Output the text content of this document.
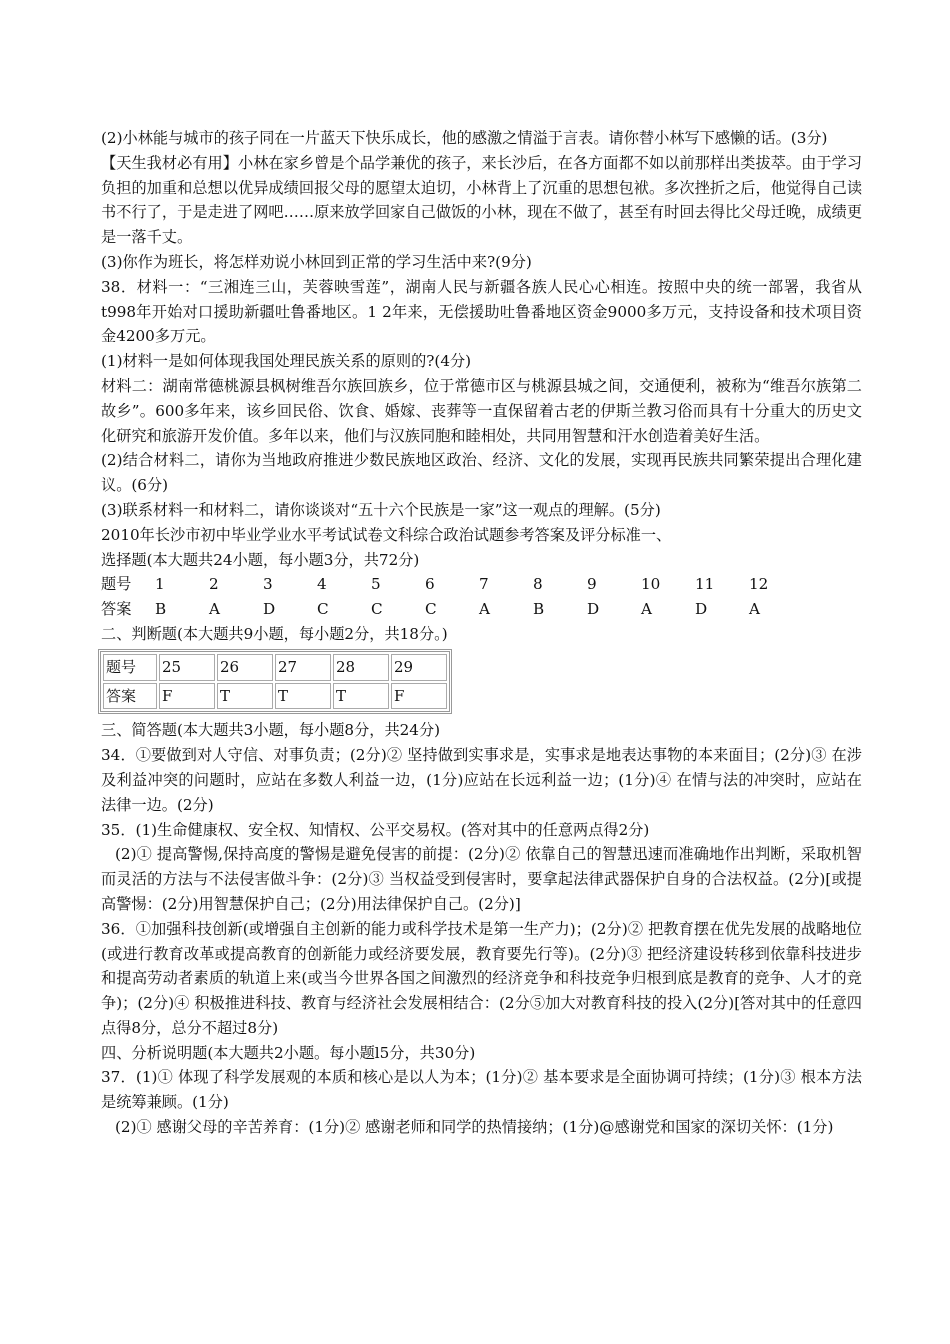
(2)小林能与城市的孩子同在一片蓝天下快乐成长，他的感激之情溢于言表。请你替小林写下感懒的话。(3分)

【天生我材必有用】小林在家乡曾是个品学兼优的孩子，来长沙后，在各方面都不如以前那样出类拔萃。由于学习负担的加重和总想以优异成绩回报父母的愿望太迫切，小林背上了沉重的思想包袱。多次挫折之后，他觉得自己读书不行了，于是走进了网吧……原来放学回家自己做饭的小林，现在不做了，甚至有时回去得比父母迁晚，成绩更是一落千丈。

(3)你作为班长，将怎样劝说小林回到正常的学习生活中来?(9分)

38．材料一：“三湘连三山，芙蓉映雪莲”，湖南人民与新疆各族人民心心相连。按照中央的统一部署，我省从t998年开始对口援助新疆吐鲁番地区。1 2年来，无偿援助吐鲁番地区资金9000多万元，支持设备和技术项目资金4200多万元。

(1)材料一是如何体现我国处理民族关系的原则的?(4分)

材料二：湖南常德桃源县枫树维吾尔族回族乡，位于常德市区与桃源县城之间，交通便利，被称为“维吾尔族第二故乡”。600多年来，该乡回民俗、饮食、婚嫁、丧葬等一直保留着古老的伊斯兰教习俗而具有十分重大的历史文化研究和旅游开发价值。多年以来，他们与汉族同胞和睦相处，共同用智慧和汗水创造着美好生活。

(2)结合材料二，请你为当地政府推进少数民族地区政治、经济、文化的发展，实现再民族共同繁荣提出合理化建议。(6分)

(3)联系材料一和材料二，请你谈谈对“五十六个民族是一家”这一观点的理解。(5分)

2010年长沙市初中毕业学业水平考试试卷文科综合政治试题参考答案及评分标准一、

选择题(本大题共24小题，每小题3分，共72分)

题号	1	2	3	4	5	6	7	8	9	10	11	12
答案	B	A	D	C	C	C	A	B	D	A	D	A

二、判断题(本大题共9小题，每小题2分，共18分。)

题号	25	26	27	28	29
答案	F	T	T	T	F

三、简答题(本大题共3小题，每小题8分，共24分)

34．①要做到对人守信、对事负责；(2分)② 坚持做到实事求是，实事求是地表达事物的本来面目；(2分)③ 在涉及利益冲突的问题时，应站在多数人利益一边，(1分)应站在长远利益一边；(1分)④ 在情与法的冲突时，应站在法律一边。(2分)

35．(1)生命健康权、安全权、知情权、公平交易权。(答对其中的任意两点得2分)

(2)① 提高警惕,保持高度的警惕是避免侵害的前提：(2分)② 依靠自己的智慧迅速而准确地作出判断，采取机智而灵活的方法与不法侵害做斗争：(2分)③ 当权益受到侵害时，要拿起法律武器保护自身的合法权益。(2分)[或提高警惕：(2分)用智慧保护自己；(2分)用法律保护自己。(2分)]

36．①加强科技创新(或增强自主创新的能力或科学技术是第一生产力)；(2分)② 把教育摆在优先发展的战略地位(或进行教育改革或提高教育的创新能力或经济要发展，教育要先行等)。(2分)③ 把经济建设转移到依靠科技进步和提高劳动者素质的轨道上来(或当今世界各国之间激烈的经济竞争和科技竞争归根到底是教育的竞争、人才的竞争)；(2分)④ 积极推进科技、教育与经济社会发展相结合：(2分⑤加大对教育科技的投入(2分)[答对其中的任意四点得8分，总分不超过8分)

四、分析说明题(本大题共2小题。每小题l5分，共30分)

37．(1)① 体现了科学发展观的本质和核心是以人为本；(1分)② 基本要求是全面协调可持续；(1分)③ 根本方法是统筹兼顾。(1分)

(2)① 感谢父母的辛苦养育：(1分)② 感谢老师和同学的热情接纳；(1分)@感谢党和国家的深切关怀：(1分)
